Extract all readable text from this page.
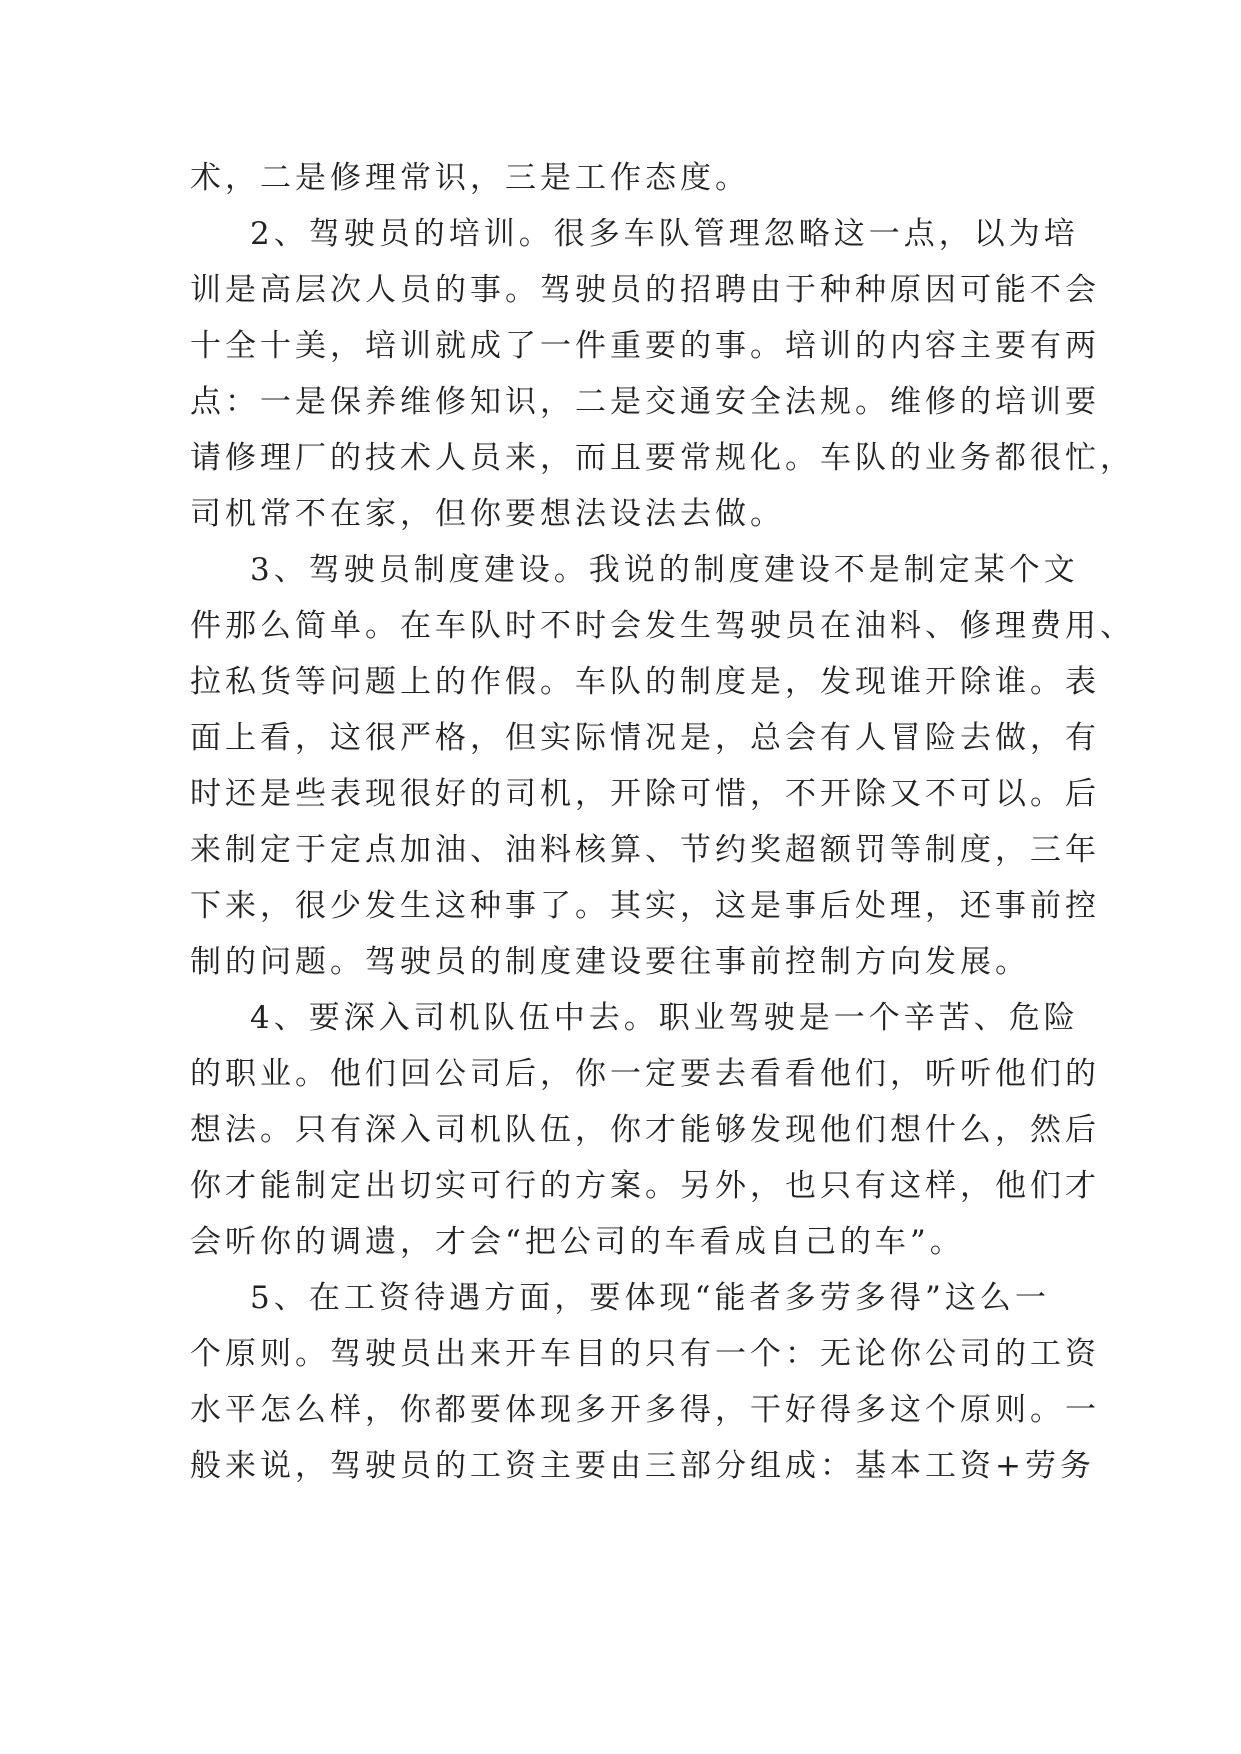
术，二是修理常识，三是工作态度。
2、驾驶员的培训。很多车队管理忽略这一点，以为培
训是高层次人员的事。驾驶员的招聘由于种种原因可能不会
十全十美，培训就成了一件重要的事。培训的内容主要有两
点：一是保养维修知识，二是交通安全法规。维修的培训要
请修理厂的技术人员来，而且要常规化。车队的业务都很忙，
司机常不在家，但你要想法设法去做。
3、驾驶员制度建设。我说的制度建设不是制定某个文
件那么简单。在车队时不时会发生驾驶员在油料、修理费用、
拉私货等问题上的作假。车队的制度是，发现谁开除谁。表
面上看，这很严格，但实际情况是，总会有人冒险去做，有
时还是些表现很好的司机，开除可惜，不开除又不可以。后
来制定于定点加油、油料核算、节约奖超额罚等制度，三年
下来，很少发生这种事了。其实，这是事后处理，还事前控
制的问题。驾驶员的制度建设要往事前控制方向发展。
4、要深入司机队伍中去。职业驾驶是一个辛苦、危险
的职业。他们回公司后，你一定要去看看他们，听听他们的
想法。只有深入司机队伍，你才能够发现他们想什么，然后
你才能制定出切实可行的方案。另外，也只有这样，他们才
会听你的调遗，才会“把公司的车看成自己的车”。
5、在工资待遇方面，要体现“能者多劳多得”这么一
个原则。驾驶员出来开车目的只有一个：无论你公司的工资
水平怎么样，你都要体现多开多得，干好得多这个原则。一
般来说，驾驶员的工资主要由三部分组成：基本工资+劳务
